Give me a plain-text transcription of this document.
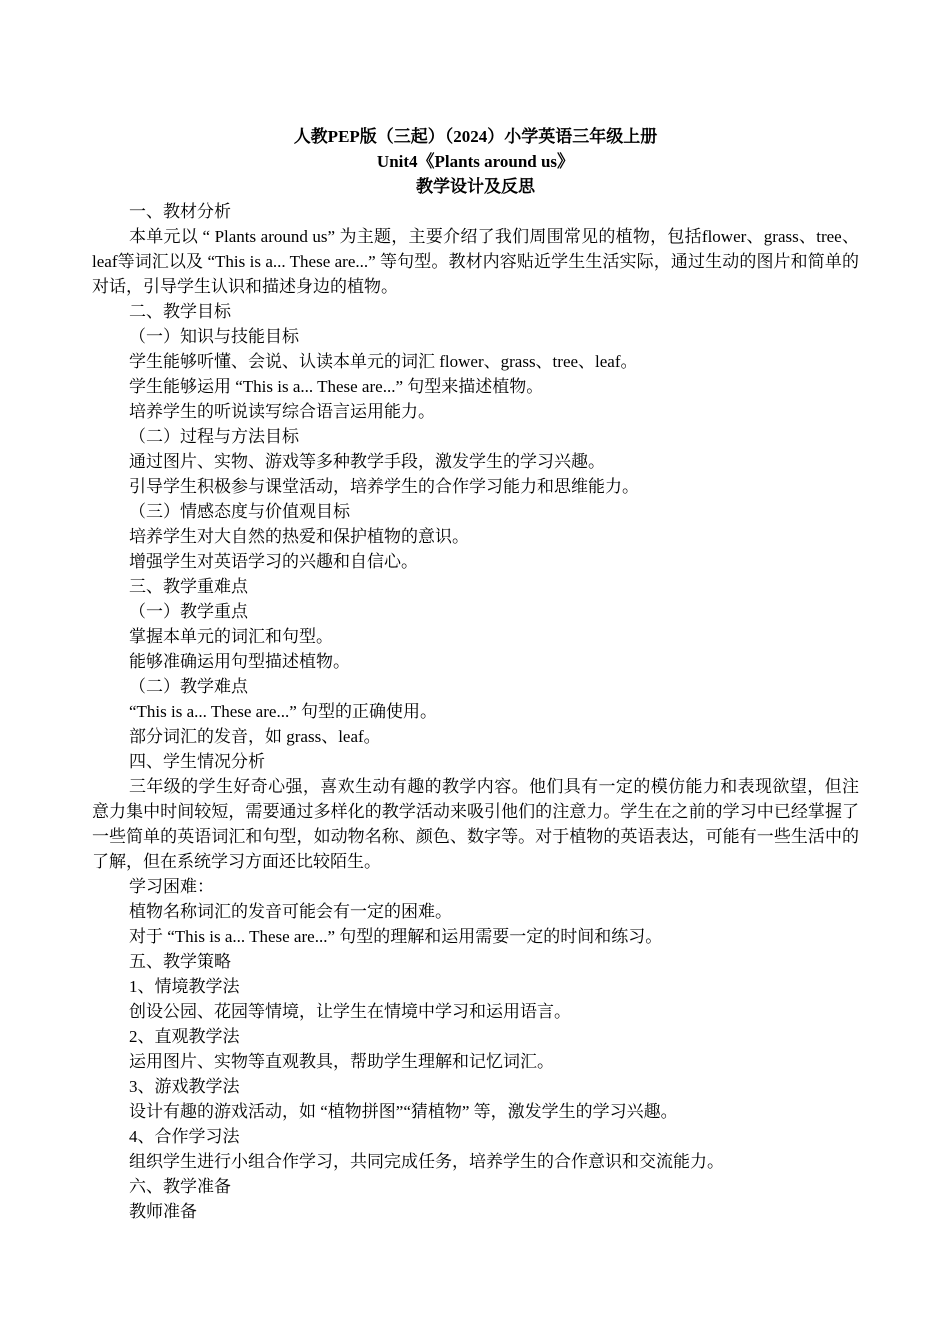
人教PEP版（三起）（2024）小学英语三年级上册

Unit4《Plants around us》

教学设计及反思

一、教材分析

本单元以 “ Plants around us” 为主题，主要介绍了我们周围常见的植物，包括flower、grass、tree、leaf等词汇以及 “This is a... These are...” 等句型。教材内容贴近学生生活实际，通过生动的图片和简单的对话，引导学生认识和描述身边的植物。

二、教学目标

（一）知识与技能目标

学生能够听懂、会说、认读本单元的词汇 flower、grass、tree、leaf。

学生能够运用 “This is a... These are...” 句型来描述植物。

培养学生的听说读写综合语言运用能力。

（二）过程与方法目标

通过图片、实物、游戏等多种教学手段，激发学生的学习兴趣。

引导学生积极参与课堂活动，培养学生的合作学习能力和思维能力。

（三）情感态度与价值观目标

培养学生对大自然的热爱和保护植物的意识。

增强学生对英语学习的兴趣和自信心。

三、教学重难点

（一）教学重点

掌握本单元的词汇和句型。

能够准确运用句型描述植物。

（二）教学难点

“This is a... These are...” 句型的正确使用。

部分词汇的发音，如 grass、leaf。

四、学生情况分析

三年级的学生好奇心强，喜欢生动有趣的教学内容。他们具有一定的模仿能力和表现欲望，但注意力集中时间较短，需要通过多样化的教学活动来吸引他们的注意力。学生在之前的学习中已经掌握了一些简单的英语词汇和句型，如动物名称、颜色、数字等。对于植物的英语表达，可能有一些生活中的了解，但在系统学习方面还比较陌生。

学习困难：

植物名称词汇的发音可能会有一定的困难。

对于 “This is a... These are...” 句型的理解和运用需要一定的时间和练习。

五、教学策略

1、情境教学法

创设公园、花园等情境，让学生在情境中学习和运用语言。

2、直观教学法

运用图片、实物等直观教具，帮助学生理解和记忆词汇。

3、游戏教学法

设计有趣的游戏活动，如 “植物拼图”“猜植物” 等，激发学生的学习兴趣。

4、合作学习法

组织学生进行小组合作学习，共同完成任务，培养学生的合作意识和交流能力。

六、教学准备

教师准备
